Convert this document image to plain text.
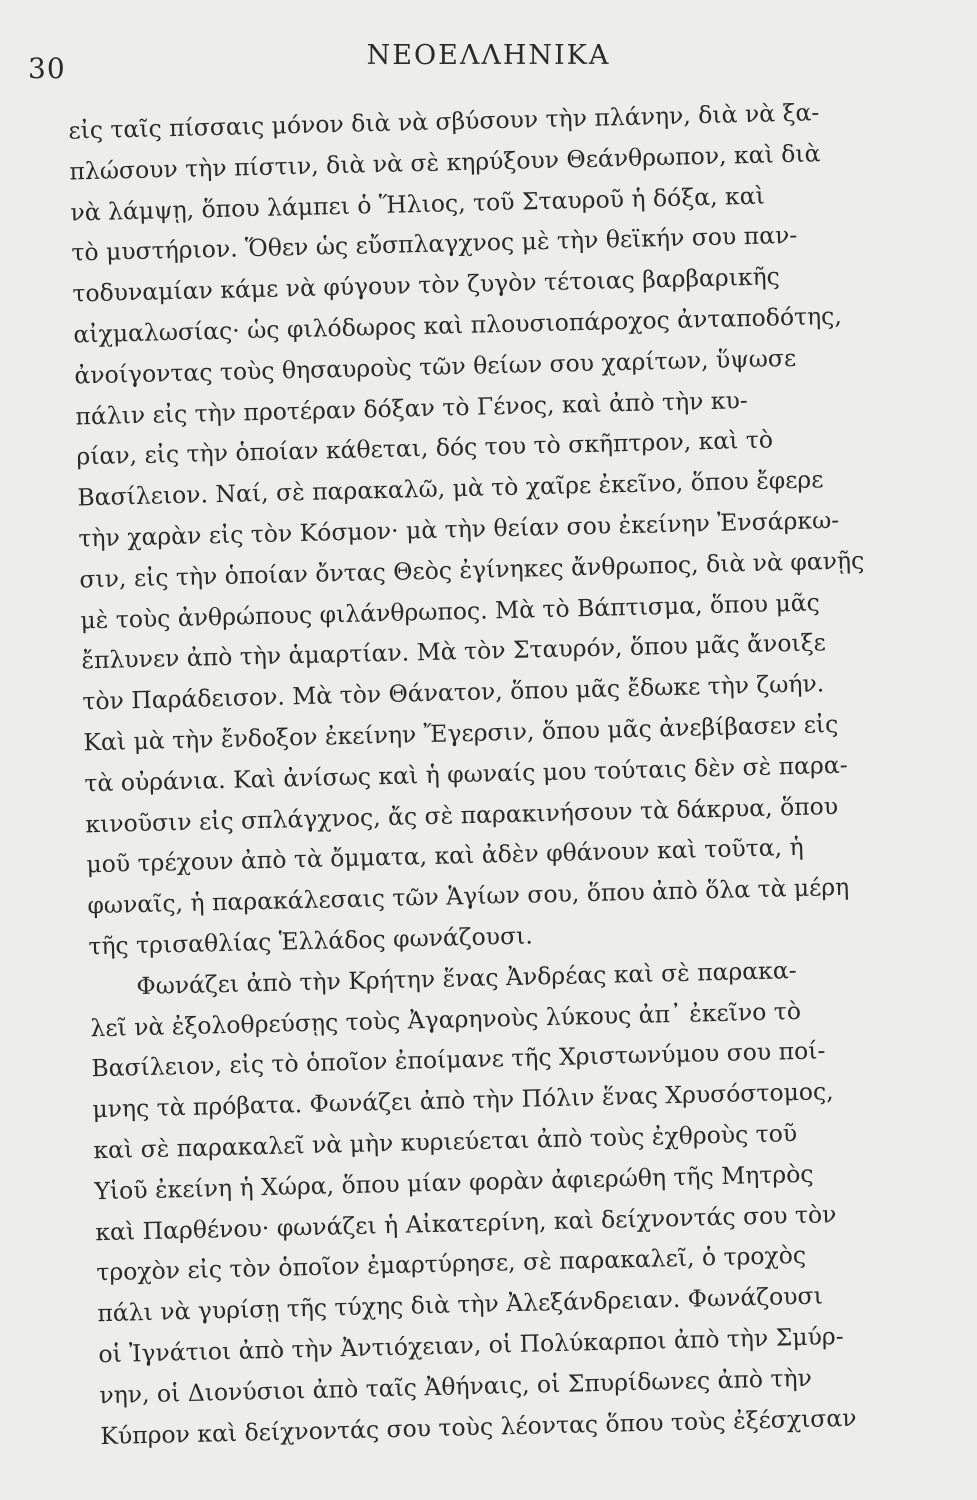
30	ΝΕΟΕΛΛΗΝΙΚΑ
εἰς ταῖς πίσσαις μόνον διὰ νὰ σβύσουν τὴν πλάνην, διὰ νὰ ξα-
πλώσουν τὴν πίστιν, διὰ νὰ σὲ κηρύξουν Θεάνθρωπον, καὶ διὰ
νὰ λάμψῃ, ὅπου λάμπει ὁ Ἥλιος, τοῦ Σταυροῦ ἡ δόξα, καὶ
τὸ μυστήριον. Ὅθεν ὡς εὔσπλαγχνος μὲ τὴν θεϊκήν σου παν-
τοδυναμίαν κάμε νὰ φύγουν τὸν ζυγὸν τέτοιας βαρβαρικῆς
αἰχμαλωσίας· ὡς φιλόδωρος καὶ πλουσιοπάροχος ἀνταποδότης,
ἀνοίγοντας τοὺς θησαυροὺς τῶν θείων σου χαρίτων, ὕψωσε
πάλιν εἰς τὴν προτέραν δόξαν τὸ Γένος, καὶ ἀπὸ τὴν κυ-
ρίαν, εἰς τὴν ὁποίαν κάθεται, δός του τὸ σκῆπτρον, καὶ τὸ
Βασίλειον. Ναί, σὲ παρακαλῶ, μὰ τὸ χαῖρε ἐκεῖνο, ὅπου ἔφερε
τὴν χαρὰν εἰς τὸν Κόσμον· μὰ τὴν θείαν σου ἐκείνην Ἐνσάρκω-
σιν, εἰς τὴν ὁποίαν ὄντας Θεὸς ἐγίνηκες ἄνθρωπος, διὰ νὰ φανῇς
μὲ τοὺς ἀνθρώπους φιλάνθρωπος. Μὰ τὸ Βάπτισμα, ὅπου μᾶς
ἔπλυνεν ἀπὸ τὴν ἁμαρτίαν. Μὰ τὸν Σταυρόν, ὅπου μᾶς ἄνοιξε
τὸν Παράδεισον. Μὰ τὸν Θάνατον, ὅπου μᾶς ἔδωκε τὴν ζωήν.
Καὶ μὰ τὴν ἔνδοξον ἐκείνην Ἔγερσιν, ὅπου μᾶς ἀνεβίβασεν εἰς
τὰ οὐράνια. Καὶ ἀνίσως καὶ ἡ φωναίς μου τούταις δὲν σὲ παρα-
κινοῦσιν εἰς σπλάγχνος, ἄς σὲ παρακινήσουν τὰ δάκρυα, ὅπου
μοῦ τρέχουν ἀπὸ τὰ ὄμματα, καὶ ἀδὲν φθάνουν καὶ τοῦτα, ἡ
φωναῖς, ἡ παρακάλεσαις τῶν Ἁγίων σου, ὅπου ἀπὸ ὅλα τὰ μέρη
τῆς τρισαθλίας Ἑλλάδος φωνάζουσι.
Φωνάζει ἀπὸ τὴν Κρήτην ἕνας Ἀνδρέας καὶ σὲ παρακα-
λεῖ νὰ ἐξολοθρεύσῃς τοὺς Ἀγαρηνοὺς λύκους ἀπ᾽ ἐκεῖνο τὸ
Βασίλειον, εἰς τὸ ὁποῖον ἐποίμανε τῆς Χριστωνύμου σου ποί-
μνης τὰ πρόβατα. Φωνάζει ἀπὸ τὴν Πόλιν ἕνας Χρυσόστομος,
καὶ σὲ παρακαλεῖ νὰ μὴν κυριεύεται ἀπὸ τοὺς ἐχθροὺς τοῦ
Υἱοῦ ἐκείνη ἡ Χώρα, ὅπου μίαν φορὰν ἀφιερώθη τῆς Μητρὸς
καὶ Παρθένου· φωνάζει ἡ Αἰκατερίνη, καὶ δείχνοντάς σου τὸν
τροχὸν εἰς τὸν ὁποῖον ἐμαρτύρησε, σὲ παρακαλεῖ, ὁ τροχὸς
πάλι νὰ γυρίσῃ τῆς τύχης διὰ τὴν Ἀλεξάνδρειαν. Φωνάζουσι
οἱ Ἰγνάτιοι ἀπὸ τὴν Ἀντιόχειαν, οἱ Πολύκαρποι ἀπὸ τὴν Σμύρ-
νην, οἱ Διονύσιοι ἀπὸ ταῖς Ἀθήναις, οἱ Σπυρίδωνες ἀπὸ τὴν
Κύπρον καὶ δείχνοντάς σου τοὺς λέοντας ὅπου τοὺς ἐξέσχισαν
